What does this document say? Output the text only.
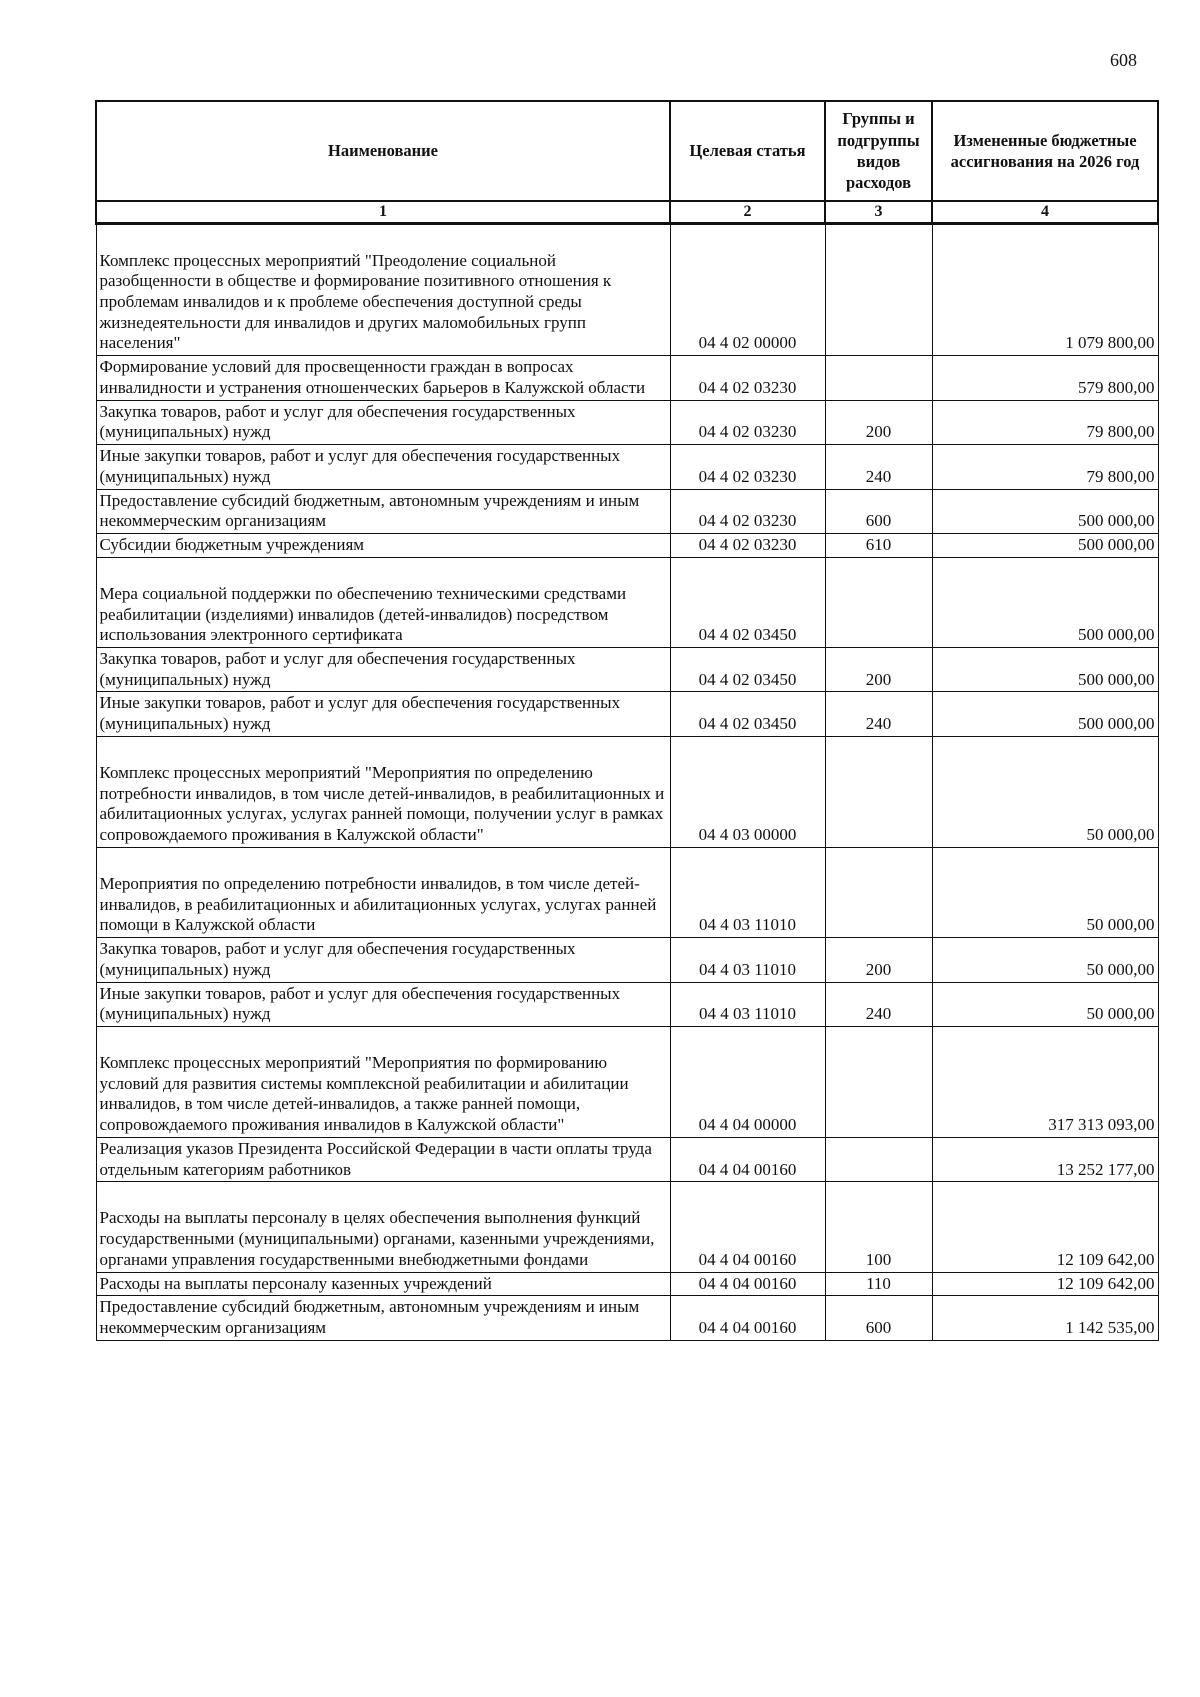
608
Наименование	Целевая статья	Группы и подгруппы видов расходов	Измененные бюджетные ассигнования на 2026 год
1	2	3	4
Комплекс процессных мероприятий "Преодоление социальной разобщенности в обществе и формирование позитивного отношения к проблемам инвалидов и к проблеме обеспечения доступной среды жизнедеятельности для инвалидов и других маломобильных групп населения"	04 4 02 00000		1 079 800,00
Формирование условий для просвещенности граждан в вопросах инвалидности и устранения отношенческих барьеров в Калужской области	04 4 02 03230		579 800,00
Закупка товаров, работ и услуг для обеспечения государственных (муниципальных) нужд	04 4 02 03230	200	79 800,00
Иные закупки товаров, работ и услуг для обеспечения государственных (муниципальных) нужд	04 4 02 03230	240	79 800,00
Предоставление субсидий бюджетным, автономным учреждениям и иным некоммерческим организациям	04 4 02 03230	600	500 000,00
Субсидии бюджетным учреждениям	04 4 02 03230	610	500 000,00
Мера социальной поддержки по обеспечению техническими средствами реабилитации (изделиями) инвалидов (детей-инвалидов) посредством использования электронного сертификата	04 4 02 03450		500 000,00
Закупка товаров, работ и услуг для обеспечения государственных (муниципальных) нужд	04 4 02 03450	200	500 000,00
Иные закупки товаров, работ и услуг для обеспечения государственных (муниципальных) нужд	04 4 02 03450	240	500 000,00
Комплекс процессных мероприятий "Мероприятия по определению потребности инвалидов, в том числе детей-инвалидов, в реабилитационных и абилитационных услугах, услугах ранней помощи, получении услуг в рамках сопровождаемого проживания в Калужской области"	04 4 03 00000		50 000,00
Мероприятия по определению потребности инвалидов, в том числе детей-инвалидов, в реабилитационных и абилитационных услугах, услугах ранней помощи в Калужской области	04 4 03 11010		50 000,00
Закупка товаров, работ и услуг для обеспечения государственных (муниципальных) нужд	04 4 03 11010	200	50 000,00
Иные закупки товаров, работ и услуг для обеспечения государственных (муниципальных) нужд	04 4 03 11010	240	50 000,00
Комплекс процессных мероприятий "Мероприятия по формированию условий для развития системы комплексной реабилитации и абилитации инвалидов, в том числе детей-инвалидов, а также ранней помощи, сопровождаемого проживания инвалидов в Калужской области"	04 4 04 00000		317 313 093,00
Реализация указов Президента Российской Федерации в части оплаты труда отдельным категориям работников	04 4 04 00160		13 252 177,00
Расходы на выплаты персоналу в целях обеспечения выполнения функций государственными (муниципальными) органами, казенными учреждениями, органами управления государственными внебюджетными фондами	04 4 04 00160	100	12 109 642,00
Расходы на выплаты персоналу казенных учреждений	04 4 04 00160	110	12 109 642,00
Предоставление субсидий бюджетным, автономным учреждениям и иным некоммерческим организациям	04 4 04 00160	600	1 142 535,00
